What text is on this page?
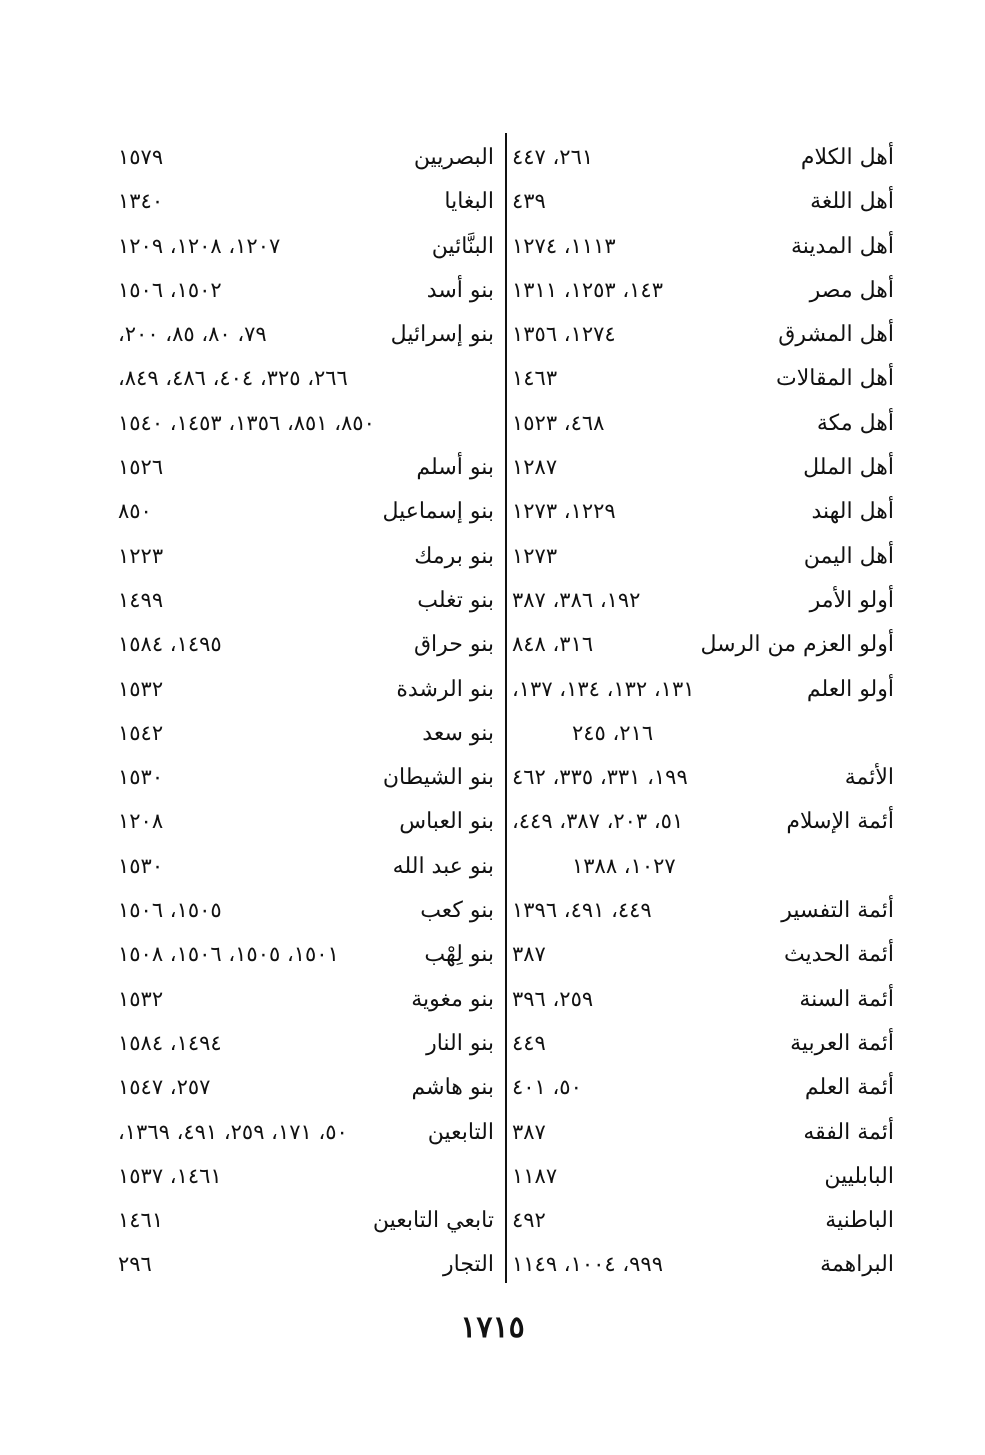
أهل الكلام
٢٦١، ٤٤٧
أهل اللغة
٤٣٩
أهل المدينة
١١١٣، ١٢٧٤
أهل مصر
١٤٣، ١٢٥٣، ١٣١١
أهل المشرق
١٢٧٤، ١٣٥٦
أهل المقالات
١٤٦٣
أهل مكة
٤٦٨، ١٥٢٣
أهل الملل
١٢٨٧
أهل الهند
١٢٢٩، ١٢٧٣
أهل اليمن
١٢٧٣
أولو الأمر
١٩٢، ٣٨٦، ٣٨٧
أولو العزم من الرسل
٣١٦، ٨٤٨
أولو العلم
١٣١، ١٣٢، ١٣٤، ١٣٧،
٢١٦، ٢٤٥
الأئمة
١٩٩، ٣٣١، ٣٣٥، ٤٦٢
أئمة الإسلام
٥١، ٢٠٣، ٣٨٧، ٤٤٩،
١٠٢٧، ١٣٨٨
أئمة التفسير
٤٤٩، ٤٩١، ١٣٩٦
أئمة الحديث
٣٨٧
أئمة السنة
٢٥٩، ٣٩٦
أئمة العربية
٤٤٩
أئمة العلم
٥٠، ٤٠١
أئمة الفقه
٣٨٧
البابليين
١١٨٧
الباطنية
٤٩٢
البراهمة
٩٩٩، ١٠٠٤، ١١٤٩
البصريين
١٥٧٩
البغايا
١٣٤٠
البنَّائين
١٢٠٧، ١٢٠٨، ١٢٠٩
بنو أسد
١٥٠٢، ١٥٠٦
بنو إسرائيل
٧٩، ٨٠، ٨٥، ٢٠٠،
٢٦٦، ٣٢٥، ٤٠٤، ٤٨٦، ٨٤٩،
٨٥٠، ٨٥١، ١٣٥٦، ١٤٥٣، ١٥٤٠
بنو أسلم
١٥٢٦
بنو إسماعيل
٨٥٠
بنو برمك
١٢٢٣
بنو تغلب
١٤٩٩
بنو حراق
١٤٩٥، ١٥٨٤
بنو الرشدة
١٥٣٢
بنو سعد
١٥٤٢
بنو الشيطان
١٥٣٠
بنو العباس
١٢٠٨
بنو عبد الله
١٥٣٠
بنو كعب
١٥٠٥، ١٥٠٦
بنو لِهْب
١٥٠١، ١٥٠٥، ١٥٠٦، ١٥٠٨
بنو مغوية
١٥٣٢
بنو النار
١٤٩٤، ١٥٨٤
بنو هاشم
٢٥٧، ١٥٤٧
التابعين
٥٠، ١٧١، ٢٥٩، ٤٩١، ١٣٦٩،
١٤٦١، ١٥٣٧
تابعي التابعين
١٤٦١
التجار
٢٩٦
١٧١٥
